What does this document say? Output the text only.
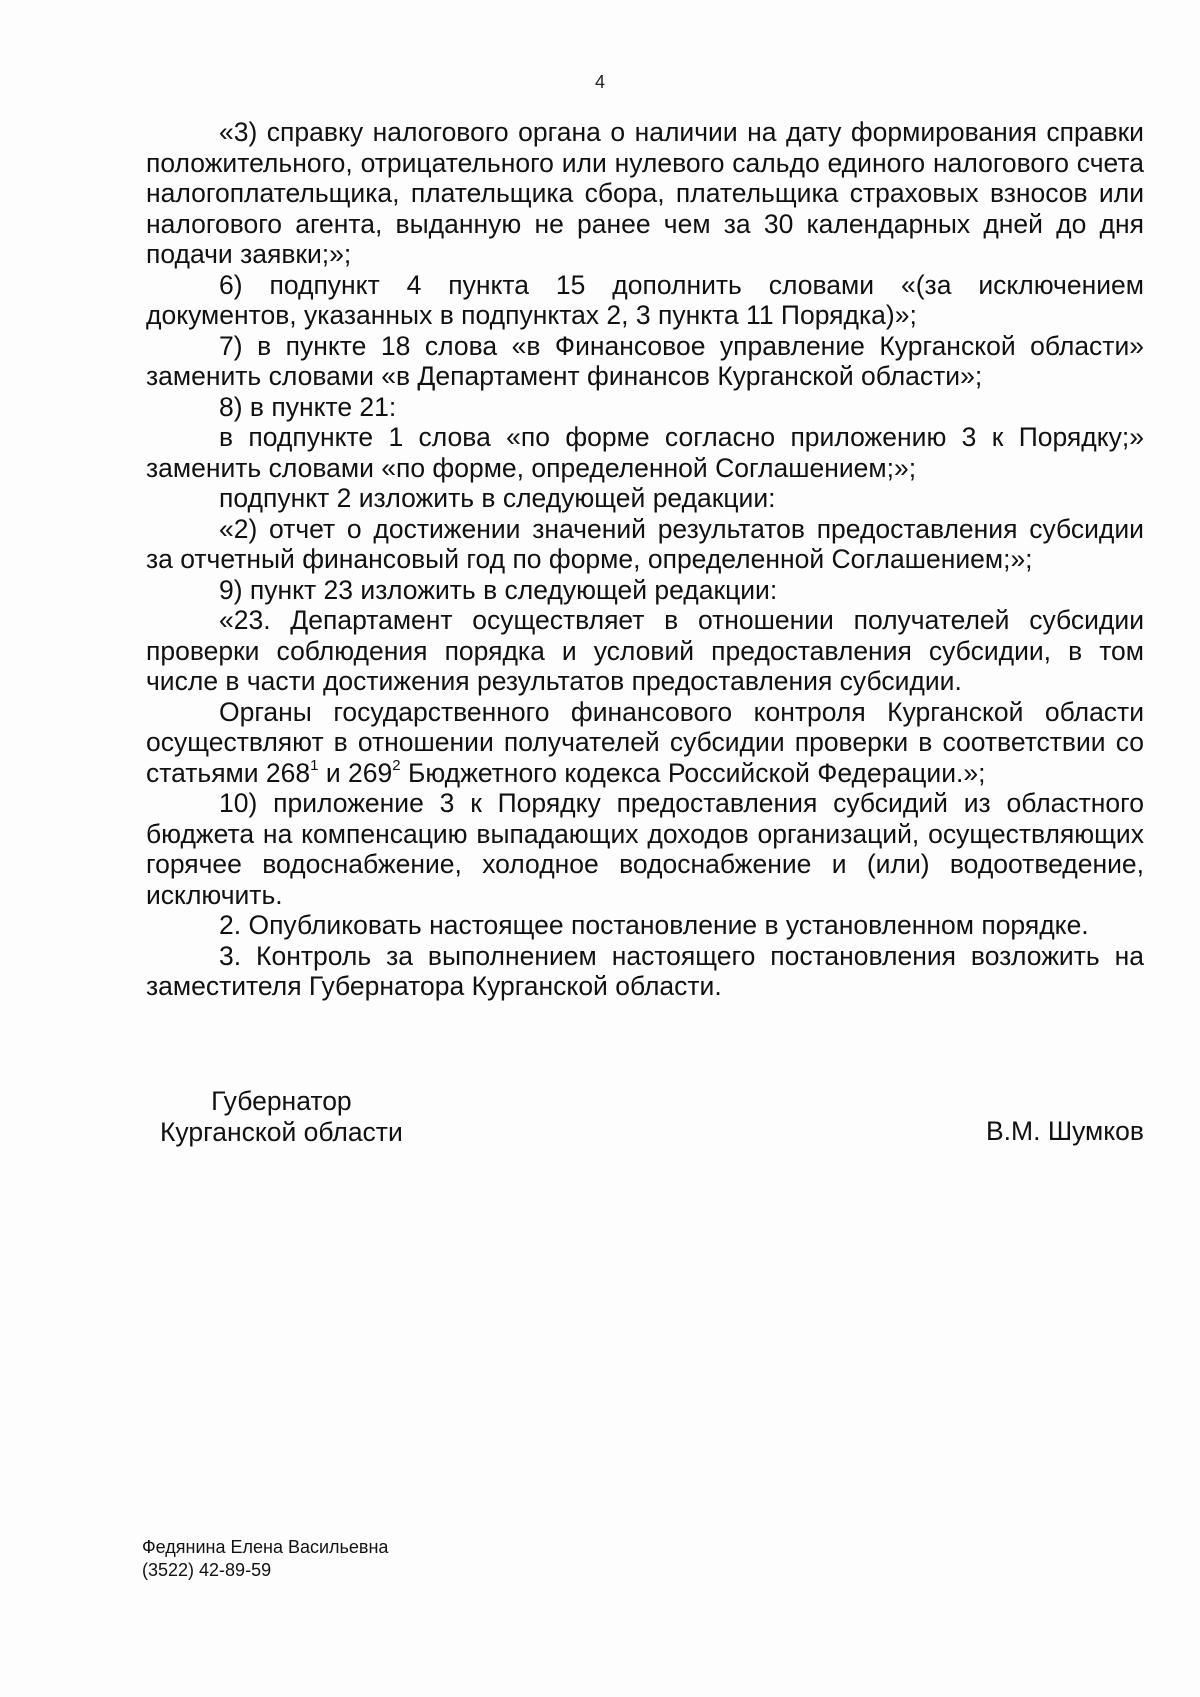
4

«3) справку налогового органа о наличии на дату формирования справки положительного, отрицательного или нулевого сальдо единого налогового счета налогоплательщика, плательщика сбора, плательщика страховых взносов или налогового агента, выданную не ранее чем за 30 календарных дней до дня подачи заявки;»;

6) подпункт 4 пункта 15 дополнить словами «(за исключением документов, указанных в подпунктах 2, 3 пункта 11 Порядка)»;

7) в пункте 18 слова «в Финансовое управление Курганской области» заменить словами «в Департамент финансов Курганской области»;

8) в пункте 21:

в подпункте 1 слова «по форме согласно приложению 3 к Порядку;» заменить словами «по форме, определенной Соглашением;»;

подпункт 2 изложить в следующей редакции:

«2) отчет о достижении значений результатов предоставления субсидии за отчетный финансовый год по форме, определенной Соглашением;»;

9) пункт 23 изложить в следующей редакции:

«23. Департамент осуществляет в отношении получателей субсидии проверки соблюдения порядка и условий предоставления субсидии, в том числе в части достижения результатов предоставления субсидии.

Органы государственного финансового контроля Курганской области осуществляют в отношении получателей субсидии проверки в соответствии со статьями $268^1$ и $269^2$ Бюджетного кодекса Российской Федерации.»;

10) приложение 3 к Порядку предоставления субсидий из областного бюджета на компенсацию выпадающих доходов организаций, осуществляющих горячее водоснабжение, холодное водоснабжение и (или) водоотведение, исключить.

2. Опубликовать настоящее постановление в установленном порядке.

3. Контроль за выполнением настоящего постановления возложить на заместителя Губернатора Курганской области.

Губернатор
Курганской области	В.М. Шумков
Федянина Елена Васильевна
(3522) 42-89-59
